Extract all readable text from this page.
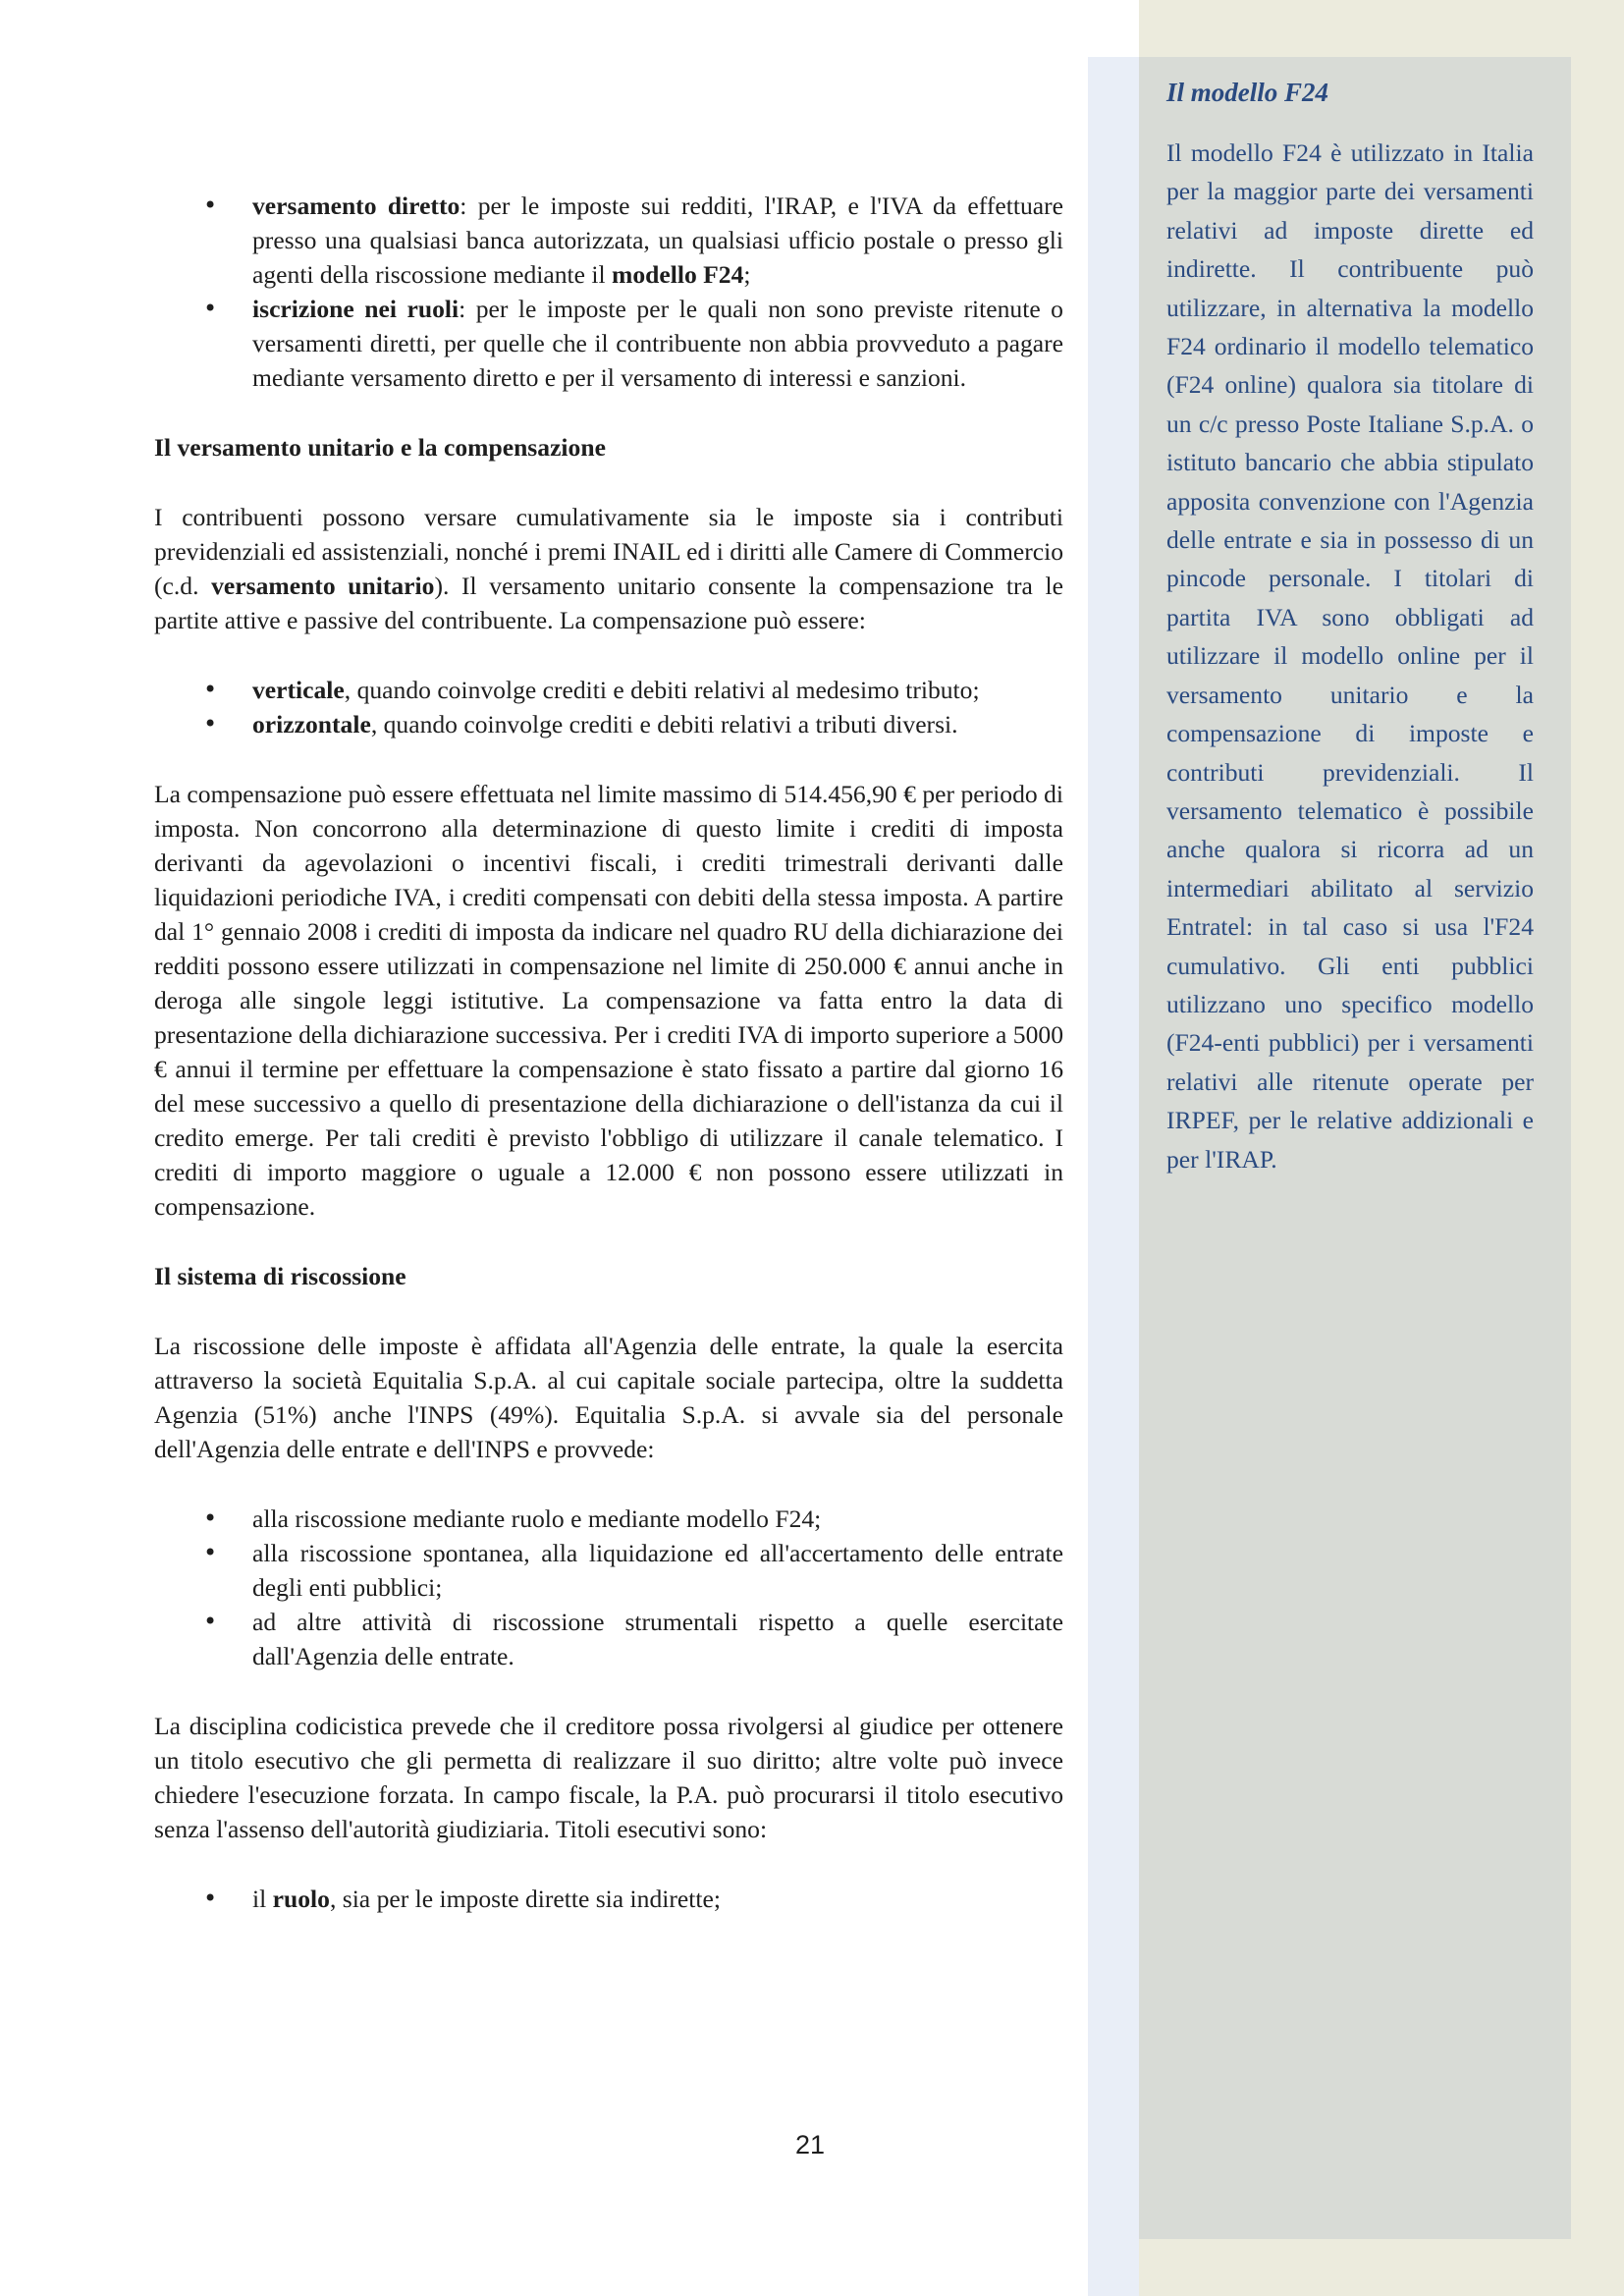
• versamento diretto: per le imposte sui redditi, l'IRAP, e l'IVA da effettuare presso una qualsiasi banca autorizzata, un qualsiasi ufficio postale o presso gli agenti della riscossione mediante il modello F24;
• iscrizione nei ruoli: per le imposte per le quali non sono previste ritenute o versamenti diretti, per quelle che il contribuente non abbia provveduto a pagare mediante versamento diretto e per il versamento di interessi e sanzioni.
Il versamento unitario e la compensazione

I contribuenti possono versare cumulativamente sia le imposte sia i contributi previdenziali ed assistenziali, nonché i premi INAIL ed i diritti alle Camere di Commercio (c.d. versamento unitario). Il versamento unitario consente la compensazione tra le partite attive e passive del contribuente. La compensazione può essere:

• verticale, quando coinvolge crediti e debiti relativi al medesimo tributo;
• orizzontale, quando coinvolge crediti e debiti relativi a tributi diversi.

La compensazione può essere effettuata nel limite massimo di 514.456,90 € per periodo di imposta. Non concorrono alla determinazione di questo limite i crediti di imposta derivanti da agevolazioni o incentivi fiscali, i crediti trimestrali derivanti dalle liquidazioni periodiche IVA, i crediti compensati con debiti della stessa imposta. A partire dal 1° gennaio 2008 i crediti di imposta da indicare nel quadro RU della dichiarazione dei redditi possono essere utilizzati in compensazione nel limite di 250.000 € annui anche in deroga alle singole leggi istitutive. La compensazione va fatta entro la data di presentazione della dichiarazione successiva. Per i crediti IVA di importo superiore a 5000 € annui il termine per effettuare la compensazione è stato fissato a partire dal giorno 16 del mese successivo a quello di presentazione della dichiarazione o dell'istanza da cui il credito emerge. Per tali crediti è previsto l'obbligo di utilizzare il canale telematico. I crediti di importo maggiore o uguale a 12.000 € non possono essere utilizzati in compensazione.

Il sistema di riscossione

La riscossione delle imposte è affidata all'Agenzia delle entrate, la quale la esercita attraverso la società Equitalia S.p.A. al cui capitale sociale partecipa, oltre la suddetta Agenzia (51%) anche l'INPS (49%). Equitalia S.p.A. si avvale sia del personale dell'Agenzia delle entrate e dell'INPS e provvede:

• alla riscossione mediante ruolo e mediante modello F24;
• alla riscossione spontanea, alla liquidazione ed all'accertamento delle entrate degli enti pubblici;
• ad altre attività di riscossione strumentali rispetto a quelle esercitate dall'Agenzia delle entrate.

La disciplina codicistica prevede che il creditore possa rivolgersi al giudice per ottenere un titolo esecutivo che gli permetta di realizzare il suo diritto; altre volte può invece chiedere l'esecuzione forzata. In campo fiscale, la P.A. può procurarsi il titolo esecutivo senza l'assenso dell'autorità giudiziaria. Titoli esecutivi sono:

• il ruolo, sia per le imposte dirette sia indirette;
Il modello F24

Il modello F24 è utilizzato in Italia per la maggior parte dei versamenti relativi ad imposte dirette ed indirette. Il contribuente può utilizzare, in alternativa la modello F24 ordinario il modello telematico (F24 online) qualora sia titolare di un c/c presso Poste Italiane S.p.A. o istituto bancario che abbia stipulato apposita convenzione con l'Agenzia delle entrate e sia in possesso di un pincode personale. I titolari di partita IVA sono obbligati ad utilizzare il modello online per il versamento unitario e la compensazione di imposte e contributi previdenziali. Il versamento telematico è possibile anche qualora si ricorra ad un intermediari abilitato al servizio Entratel: in tal caso si usa l'F24 cumulativo. Gli enti pubblici utilizzano uno specifico modello (F24-enti pubblici) per i versamenti relativi alle ritenute operate per IRPEF, per le relative addizionali e per l'IRAP.

21
